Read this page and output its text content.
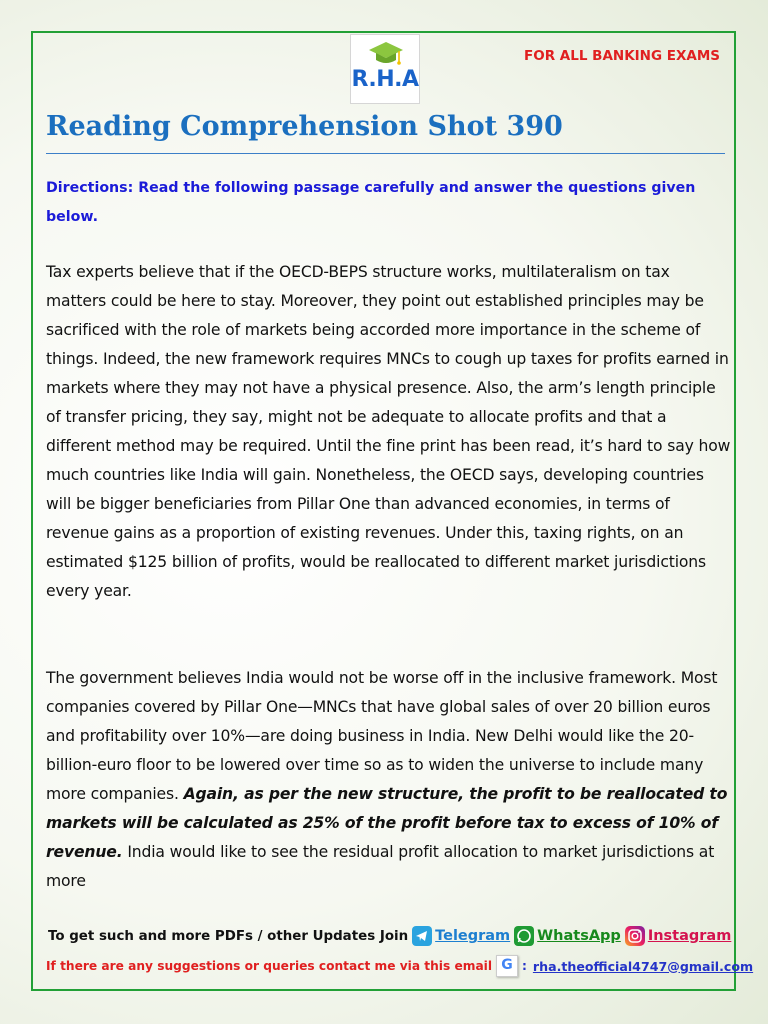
R.H.A
FOR ALL BANKING EXAMS
Reading Comprehension Shot 390
Directions: Read the following passage carefully and answer the questions given below.
Tax experts believe that if the OECD-BEPS structure works, multilateralism on tax matters could be here to stay. Moreover, they point out established principles may be sacrificed with the role of markets being accorded more importance in the scheme of things. Indeed, the new framework requires MNCs to cough up taxes for profits earned in markets where they may not have a physical presence. Also, the arm’s length principle of transfer pricing, they say, might not be adequate to allocate profits and that a different method may be required. Until the fine print has been read, it’s hard to say how much countries like India will gain. Nonetheless, the OECD says, developing countries will be bigger beneficiaries from Pillar One than advanced economies, in terms of revenue gains as a proportion of existing revenues. Under this, taxing rights, on an estimated $125 billion of profits, would be reallocated to different market jurisdictions every year.
The government believes India would not be worse off in the inclusive framework. Most companies covered by Pillar One—MNCs that have global sales of over 20 billion euros and profitability over 10%—are doing business in India. New Delhi would like the 20-billion-euro floor to be lowered over time so as to widen the universe to include many more companies. Again, as per the new structure, the profit to be reallocated to markets will be calculated as 25% of the profit before tax to excess of 10% of revenue. India would like to see the residual profit allocation to market jurisdictions at more
To get such and more PDFs / other Updates Join Telegram WhatsApp Instagram
If there are any suggestions or queries contact me via this email G : rha.theofficial4747@gmail.com
